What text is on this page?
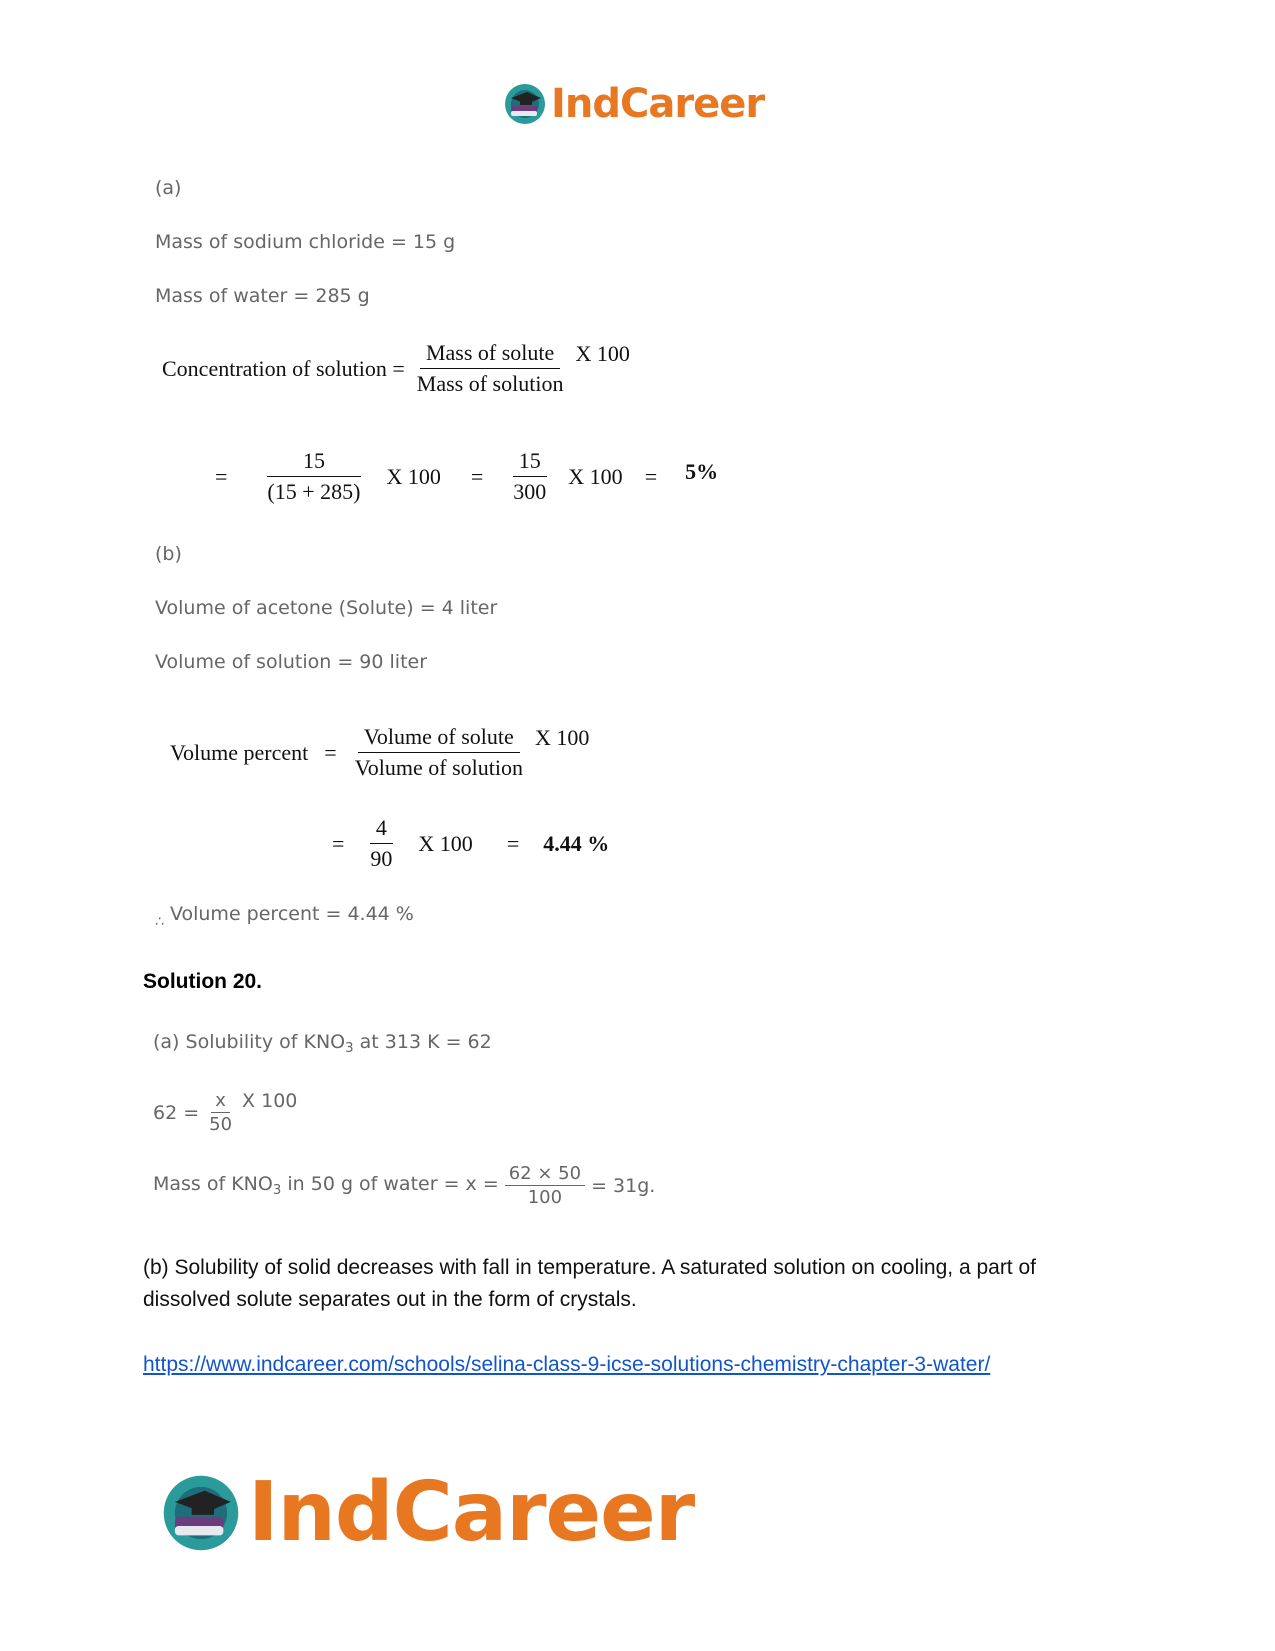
IndCareer
(a)
Mass of sodium chloride = 15 g
Mass of water = 285 g
Concentration of solution = $\frac{\text{Mass of solute}}{\text{Mass of solution}}$ X 100
= $\frac{15}{(15 + 285)}$ X $100 = \frac{15}{300}$ X 100 = 5%
(b)
Volume of acetone (Solute) = 4 liter
Volume of solution = 90 liter
Volume percent = $\frac{\text{Volume of solute}}{\text{Volume of solution}}$ X 100
= $\frac{4}{90}$ X 100 = 4.44 %
$_\therefore$ Volume percent = 4.44 %
Solution 20.
(a) Solubility of $KNO_3$ at 313 K = 62
$62 = \frac{x}{50}$ X 100
Mass of $KNO_3$ in 50 g of water = $x = \frac{62 \times 50}{100} = 31g$.
(b) Solubility of solid decreases with fall in temperature. A saturated solution on cooling, a part of dissolved solute separates out in the form of crystals.
https://www.indcareer.com/schools/selina-class-9-icse-solutions-chemistry-chapter-3-water/
IndCareer
